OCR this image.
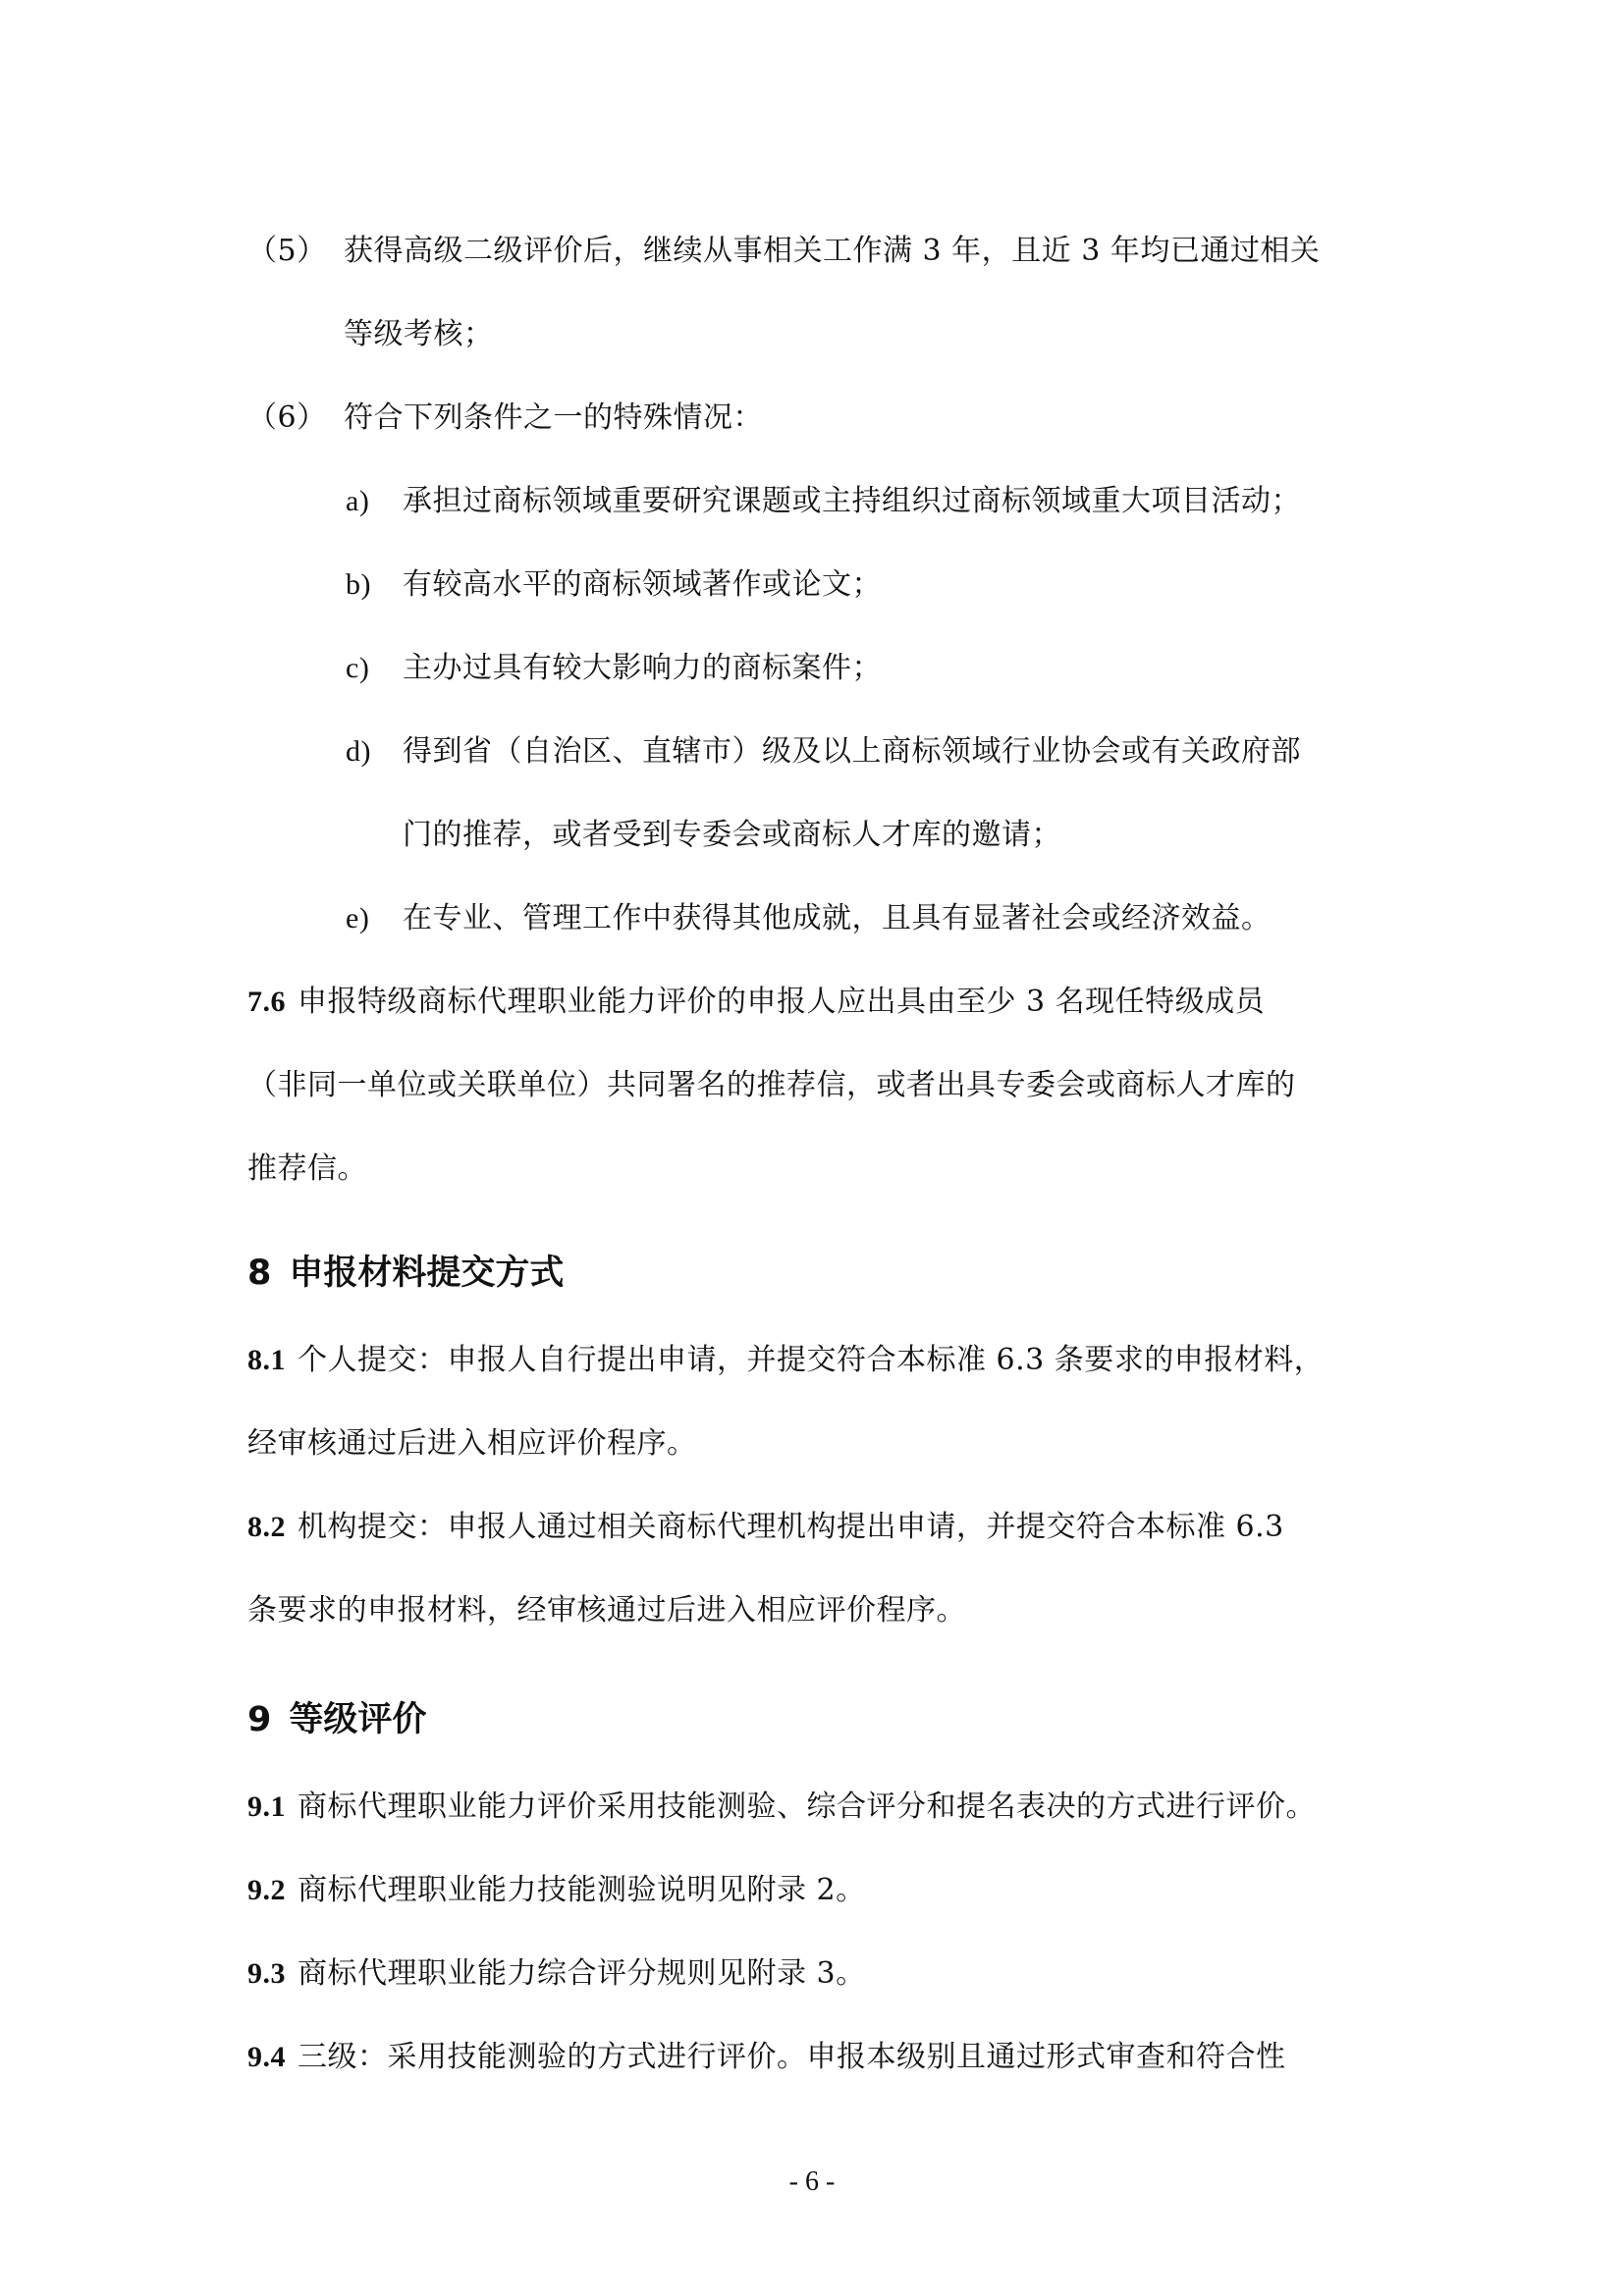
（5） 获得高级二级评价后，继续从事相关工作满 3 年，且近 3 年均已通过相关
等级考核；
（6） 符合下列条件之一的特殊情况：
a) 承担过商标领域重要研究课题或主持组织过商标领域重大项目活动；
b) 有较高水平的商标领域著作或论文；
c) 主办过具有较大影响力的商标案件；
d) 得到省（自治区、直辖市）级及以上商标领域行业协会或有关政府部
门的推荐，或者受到专委会或商标人才库的邀请；
e) 在专业、管理工作中获得其他成就，且具有显著社会或经济效益。
7.6 申报特级商标代理职业能力评价的申报人应出具由至少 3 名现任特级成员
（非同一单位或关联单位）共同署名的推荐信，或者出具专委会或商标人才库的
推荐信。
8 申报材料提交方式
8.1 个人提交：申报人自行提出申请，并提交符合本标准 6.3 条要求的申报材料，
经审核通过后进入相应评价程序。
8.2 机构提交：申报人通过相关商标代理机构提出申请，并提交符合本标准 6.3
条要求的申报材料，经审核通过后进入相应评价程序。
9 等级评价
9.1 商标代理职业能力评价采用技能测验、综合评分和提名表决的方式进行评价。
9.2 商标代理职业能力技能测验说明见附录 2。
9.3 商标代理职业能力综合评分规则见附录 3。
9.4 三级：采用技能测验的方式进行评价。申报本级别且通过形式审查和符合性
- 6 -
